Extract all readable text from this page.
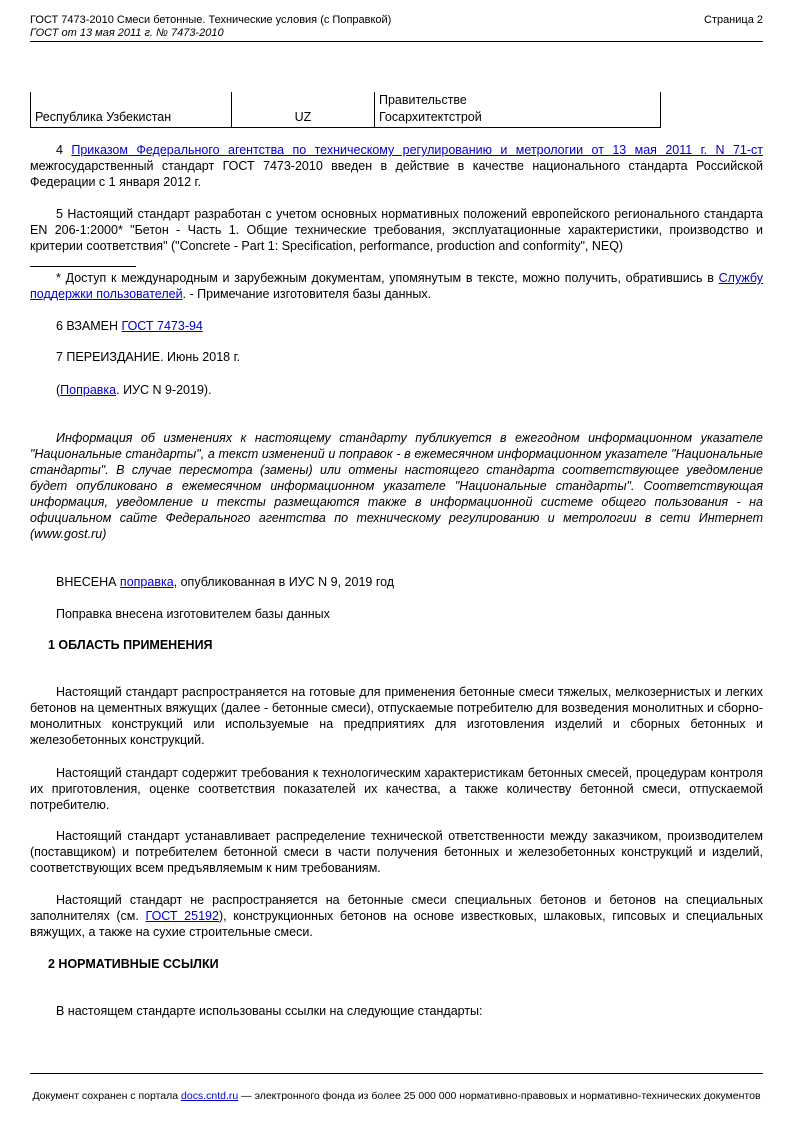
ГОСТ 7473-2010 Смеси бетонные. Технические условия (с Поправкой)
ГОСТ от 13 мая 2011 г. № 7473-2010
Страница 2
Республика Узбекистан	UZ	Правительстве
Госархитектстрой
4 Приказом Федерального агентства по техническому регулированию и метрологии от 13 мая 2011 г. N 71-ст межгосударственный стандарт ГОСТ 7473-2010 введен в действие в качестве национального стандарта Российской Федерации с 1 января 2012 г.
5 Настоящий стандарт разработан с учетом основных нормативных положений европейского регионального стандарта EN 206-1:2000* "Бетон - Часть 1. Общие технические требования, эксплуатационные характеристики, производство и критерии соответствия" ("Concrete - Part 1: Specification, performance, production and conformity", NEQ)
* Доступ к международным и зарубежным документам, упомянутым в тексте, можно получить, обратившись в Службу поддержки пользователей. - Примечание изготовителя базы данных.
6 ВЗАМЕН ГОСТ 7473-94
7 ПЕРЕИЗДАНИЕ. Июнь 2018 г.
(Поправка. ИУС N 9-2019).
Информация об изменениях к настоящему стандарту публикуется в ежегодном информационном указателе "Национальные стандарты", а текст изменений и поправок - в ежемесячном информационном указателе "Национальные стандарты". В случае пересмотра (замены) или отмены настоящего стандарта соответствующее уведомление будет опубликовано в ежемесячном информационном указателе "Национальные стандарты". Соответствующая информация, уведомление и тексты размещаются также в информационной системе общего пользования - на официальном сайте Федерального агентства по техническому регулированию и метрологии в сети Интернет (www.gost.ru)
ВНЕСЕНА поправка, опубликованная в ИУС N 9, 2019 год
Поправка внесена изготовителем базы данных
1 ОБЛАСТЬ ПРИМЕНЕНИЯ
Настоящий стандарт распространяется на готовые для применения бетонные смеси тяжелых, мелкозернистых и легких бетонов на цементных вяжущих (далее - бетонные смеси), отпускаемые потребителю для возведения монолитных и сборно-монолитных конструкций или используемые на предприятиях для изготовления изделий и сборных бетонных и железобетонных конструкций.
Настоящий стандарт содержит требования к технологическим характеристикам бетонных смесей, процедурам контроля их приготовления, оценке соответствия показателей их качества, а также количеству бетонной смеси, отпускаемой потребителю.
Настоящий стандарт устанавливает распределение технической ответственности между заказчиком, производителем (поставщиком) и потребителем бетонной смеси в части получения бетонных и железобетонных конструкций и изделий, соответствующих всем предъявляемым к ним требованиям.
Настоящий стандарт не распространяется на бетонные смеси специальных бетонов и бетонов на специальных заполнителях (см. ГОСТ 25192), конструкционных бетонов на основе известковых, шлаковых, гипсовых и специальных вяжущих, а также на сухие строительные смеси.
2 НОРМАТИВНЫЕ ССЫЛКИ
В настоящем стандарте использованы ссылки на следующие стандарты:
Документ сохранен с портала docs.cntd.ru — электронного фонда из более 25 000 000 нормативно-правовых и нормативно-технических документов
